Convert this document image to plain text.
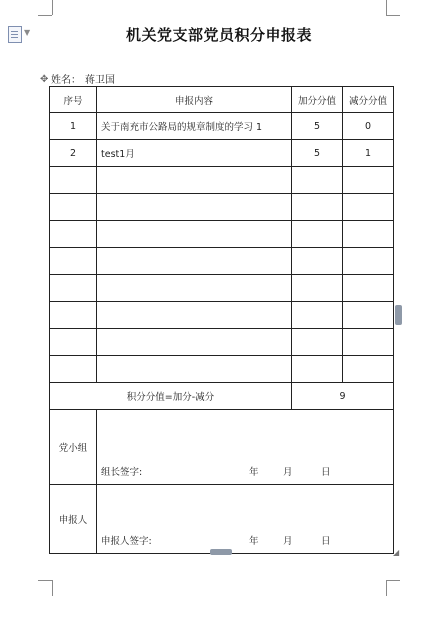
▼	机关党支部党员积分申报表
✥ 姓名： 蒋卫国
序号	申报内容	加分分值	减分分值
1	关于南充市公路局的规章制度的学习 1	5	0
2	test1月	5	1

积分分值=加分-减分		9	
党小组	组长签字: 年 月 日		

申报人	申报人签字: 年 月 日		
◢
